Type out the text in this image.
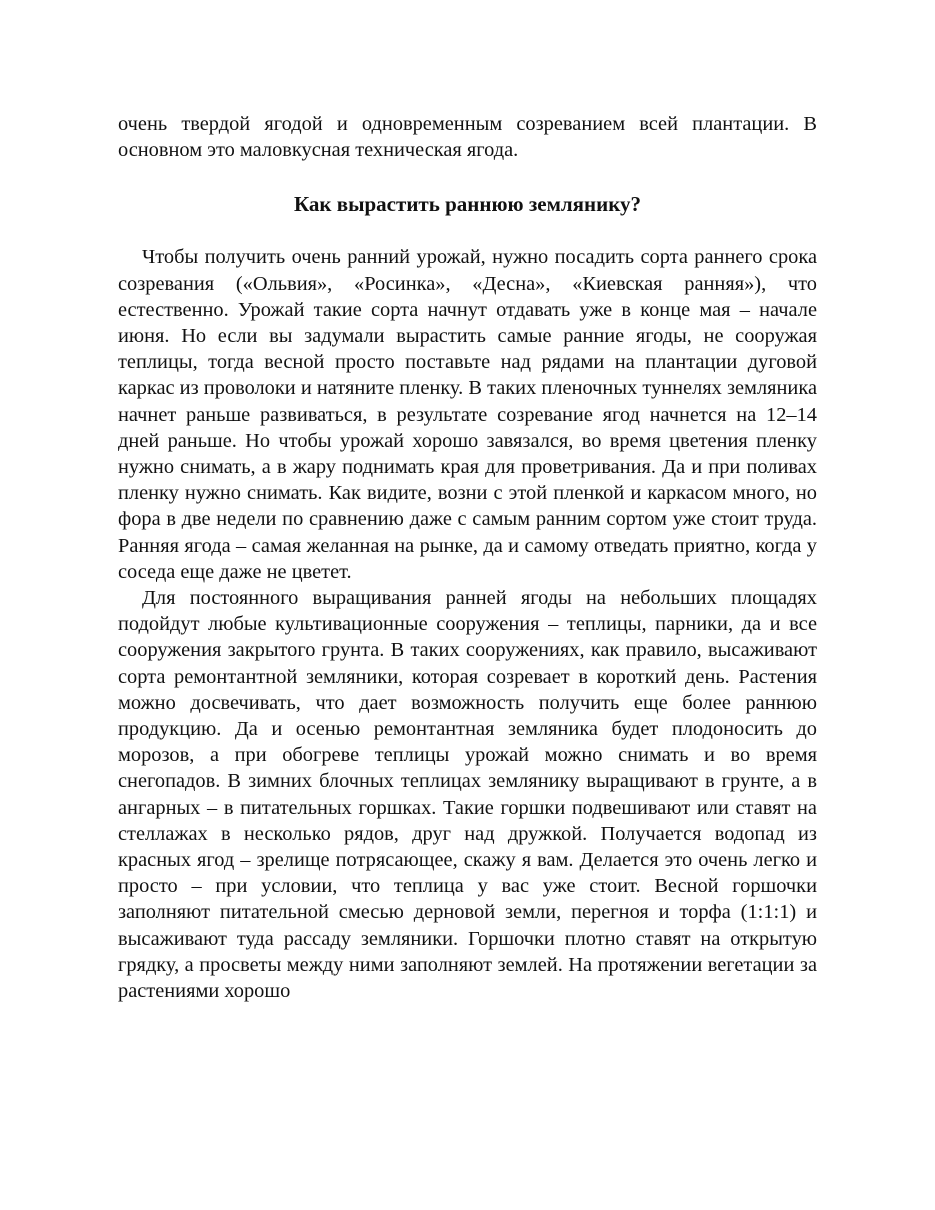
очень твердой ягодой и одновременным созреванием всей плантации. В основном это маловкусная техническая ягода.

Как вырастить раннюю землянику?

Чтобы получить очень ранний урожай, нужно посадить сорта раннего срока созревания («Ольвия», «Росинка», «Десна», «Киевская ранняя»), что естественно. Урожай такие сорта начнут отдавать уже в конце мая – начале июня. Но если вы задумали вырастить самые ранние ягоды, не сооружая теплицы, тогда весной просто поставьте над рядами на плантации дуговой каркас из проволоки и натяните пленку. В таких пленочных туннелях земляника начнет раньше развиваться, в результате созревание ягод начнется на 12–14 дней раньше. Но чтобы урожай хорошо завязался, во время цветения пленку нужно снимать, а в жару поднимать края для проветривания. Да и при поливах пленку нужно снимать. Как видите, возни с этой пленкой и каркасом много, но фора в две недели по сравнению даже с самым ранним сортом уже стоит труда. Ранняя ягода – самая желанная на рынке, да и самому отведать приятно, когда у соседа еще даже не цветет.

Для постоянного выращивания ранней ягоды на небольших площадях подойдут любые культивационные сооружения – теплицы, парники, да и все сооружения закрытого грунта. В таких сооружениях, как правило, высаживают сорта ремонтантной земляники, которая созревает в короткий день. Растения можно досвечивать, что дает возможность получить еще более раннюю продукцию. Да и осенью ремонтантная земляника будет плодоносить до морозов, а при обогреве теплицы урожай можно снимать и во время снегопадов. В зимних блочных теплицах землянику выращивают в грунте, а в ангарных – в питательных горшках. Такие горшки подвешивают или ставят на стеллажах в несколько рядов, друг над дружкой. Получается водопад из красных ягод – зрелище потрясающее, скажу я вам. Делается это очень легко и просто – при условии, что теплица у вас уже стоит. Весной горшочки заполняют питательной смесью дерновой земли, перегноя и торфа (1:1:1) и высаживают туда рассаду земляники. Горшочки плотно ставят на открытую грядку, а просветы между ними заполняют землей. На протяжении вегетации за растениями хорошо
